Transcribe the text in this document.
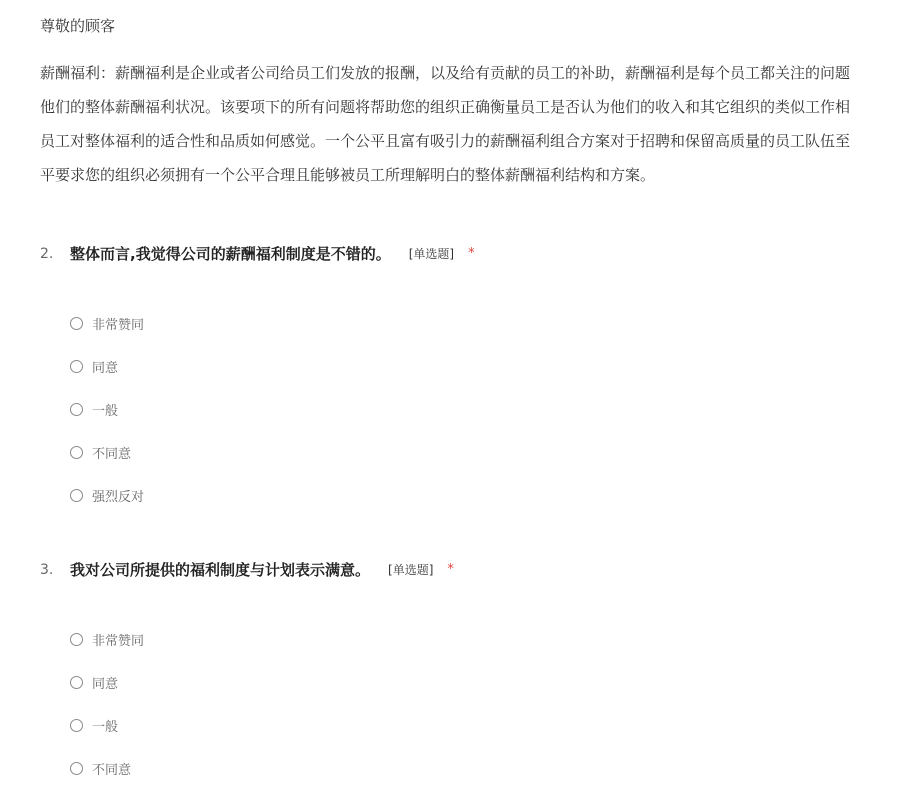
尊敬的顾客
薪酬福利：薪酬福利是企业或者公司给员工们发放的报酬，以及给有贡献的员工的补助，薪酬福利是每个员工都关注的问题
他们的整体薪酬福利状况。该要项下的所有问题将帮助您的组织正确衡量员工是否认为他们的收入和其它组织的类似工作相
员工对整体福利的适合性和品质如何感觉。一个公平且富有吸引力的薪酬福利组合方案对于招聘和保留高质量的员工队伍至
平要求您的组织必须拥有一个公平合理且能够被员工所理解明白的整体薪酬福利结构和方案。
2.	整体而言,我觉得公司的薪酬福利制度是不错的。 [单选题] *
非常赞同
同意
一般
不同意
强烈反对
3.	我对公司所提供的福利制度与计划表示满意。 [单选题] *
非常赞同
同意
一般
不同意
